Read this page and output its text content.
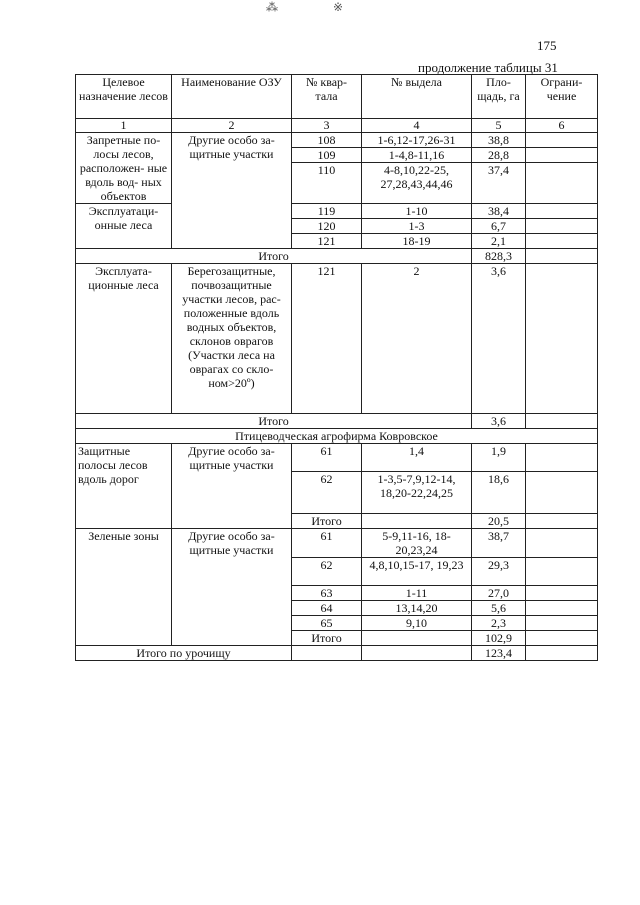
⁂	※
175
продолжение таблицы 31
Целевое назначение лесов	Наименование ОЗУ	№ квар- тала	№ выдела	Пло- щадь, га	Ограни- чение
1	2	3	4	5	6
Запретные по- лосы лесов, расположен- ные вдоль вод- ных объектов	Другие особо за- щитные участки	108	1-6,12-17,26-31	38,8	
		109	1-4,8-11,16	28,8	
		110	4-8,10,22-25, 27,28,43,44,46	37,4	
Эксплуатаци- онные леса		119	1-10	38,4	
		120	1-3	6,7	
		121	18-19	2,1	
Итого				828,3	
Эксплуата- ционные леса	Берегозащитные, почвозащитные участки лесов, рас- положенные вдоль водных объектов, склонов оврагов (Участки леса на оврагах со скло- ном>20º)	121	2	3,6	
Итого				3,6	
Птицеводческая агрофирма Ковровское					
Защитные полосы лесов вдоль дорог	Другие особо за- щитные участки	61	1,4	1,9	
		62	1-3,5-7,9,12-14, 18,20-22,24,25	18,6	
		Итого		20,5	
Зеленые зоны	Другие особо за- щитные участки	61	5-9,11-16, 18-20,23,24	38,7	
		62	4,8,10,15-17, 19,23	29,3	
		63	1-11	27,0	
		64	13,14,20	5,6	
		65	9,10	2,3	
		Итого		102,9	
Итого по урочищу				123,4	
